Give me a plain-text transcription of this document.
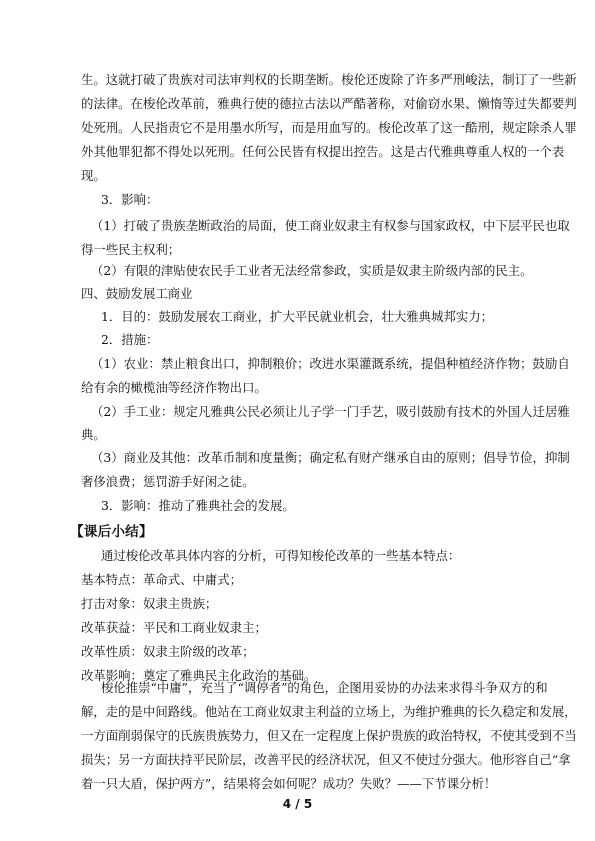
生。这就打破了贵族对司法审判权的长期垄断。梭伦还废除了许多严刑峻法，制订了一些新
的法律。在梭伦改革前，雅典行使的德拉古法以严酷著称，对偷窃水果、懒惰等过失都要判
处死刑。人民指责它不是用墨水所写，而是用血写的。梭伦改革了这一酷刑，规定除杀人罪
外其他罪犯都不得处以死刑。任何公民皆有权提出控告。这是古代雅典尊重人权的一个表
现。
3．影响：
（1）打破了贵族垄断政治的局面，使工商业奴隶主有权参与国家政权，中下层平民也取
得一些民主权利；
（2）有限的津贴使农民手工业者无法经常参政，实质是奴隶主阶级内部的民主。
四、鼓励发展工商业
1．目的：鼓励发展农工商业，扩大平民就业机会，壮大雅典城邦实力；
2．措施：
（1）农业：禁止粮食出口，抑制粮价；改进水渠灌溉系统，提倡种植经济作物；鼓励自
给有余的橄榄油等经济作物出口。
（2）手工业：规定凡雅典公民必须让儿子学一门手艺，吸引鼓励有技术的外国人迁居雅
典。
（3）商业及其他：改革币制和度量衡；确定私有财产继承自由的原则；倡导节俭，抑制
奢侈浪费；惩罚游手好闲之徒。
3．影响：推动了雅典社会的发展。
【课后小结】
通过梭伦改革具体内容的分析，可得知梭伦改革的一些基本特点：
基本特点：革命式、中庸式；
打击对象：奴隶主贵族；
改革获益：平民和工商业奴隶主；
改革性质：奴隶主阶级的改革；
改革影响：奠定了雅典民主化政治的基础。
梭伦推崇“中庸”，充当了“调停者”的角色，企图用妥协的办法来求得斗争双方的和
解，走的是中间路线。他站在工商业奴隶主利益的立场上，为维护雅典的长久稳定和发展，
一方面削弱保守的氏族贵族势力，但又在一定程度上保护贵族的政治特权，不使其受到不当
损失；另一方面扶持平民阶层，改善平民的经济状况，但又不使过分强大。他形容自己“拿
着一只大盾，保护两方”，结果将会如何呢？成功？失败？——下节课分析！
4 / 5
